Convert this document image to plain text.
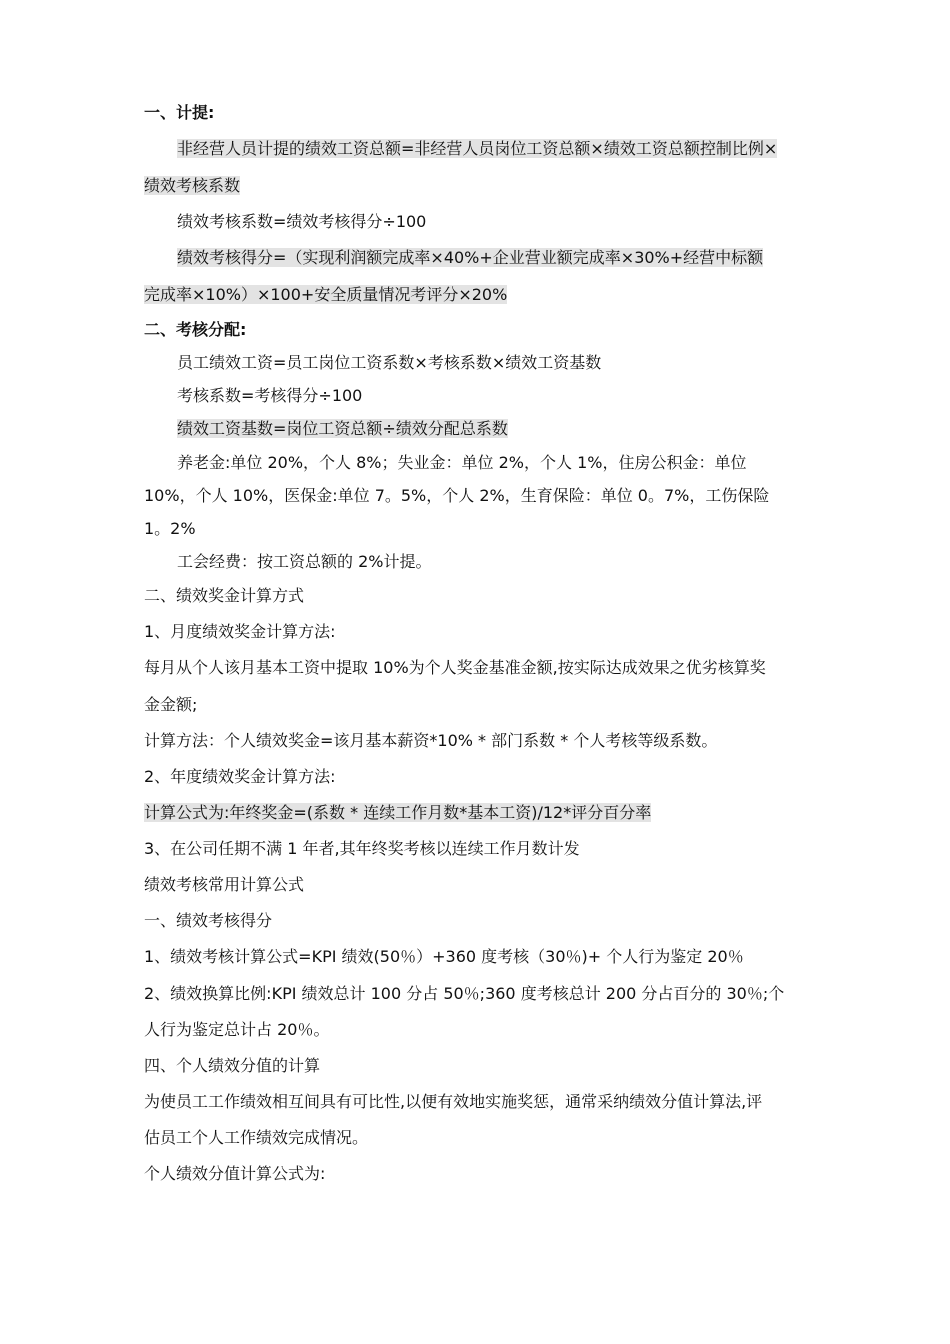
一、计提:
非经营人员计提的绩效工资总额=非经营人员岗位工资总额×绩效工资总额控制比例×
绩效考核系数
绩效考核系数=绩效考核得分÷100
绩效考核得分=（实现利润额完成率×40%+企业营业额完成率×30%+经营中标额
完成率×10%）×100+安全质量情况考评分×20%
二、考核分配:
员工绩效工资=员工岗位工资系数×考核系数×绩效工资基数
考核系数=考核得分÷100
绩效工资基数=岗位工资总额÷绩效分配总系数
养老金:单位 20%，个人 8%；失业金：单位 2%，个人 1%，住房公积金：单位
10%，个人 10%，医保金:单位 7。5%，个人 2%，生育保险：单位 0。7%，工伤保险
1。2%
工会经费：按工资总额的 2%计提。
二、绩效奖金计算方式
1、月度绩效奖金计算方法:
每月从个人该月基本工资中提取 10%为个人奖金基准金额,按实际达成效果之优劣核算奖
金金额;
计算方法：个人绩效奖金=该月基本薪资*10% * 部门系数 * 个人考核等级系数。
2、年度绩效奖金计算方法:
计算公式为:年终奖金=(系数 * 连续工作月数*基本工资)/12*评分百分率
3、在公司任期不满 1 年者,其年终奖考核以连续工作月数计发
绩效考核常用计算公式
一、绩效考核得分
1、绩效考核计算公式=KPI 绩效(50％）+360 度考核（30％)+ 个人行为鉴定 20％
2、绩效换算比例:KPI 绩效总计 100 分占 50％;360 度考核总计 200 分占百分的 30％;个
人行为鉴定总计占 20％。
四、个人绩效分值的计算
为使员工工作绩效相互间具有可比性,以便有效地实施奖惩，通常采纳绩效分值计算法,评
估员工个人工作绩效完成情况。
个人绩效分值计算公式为:
